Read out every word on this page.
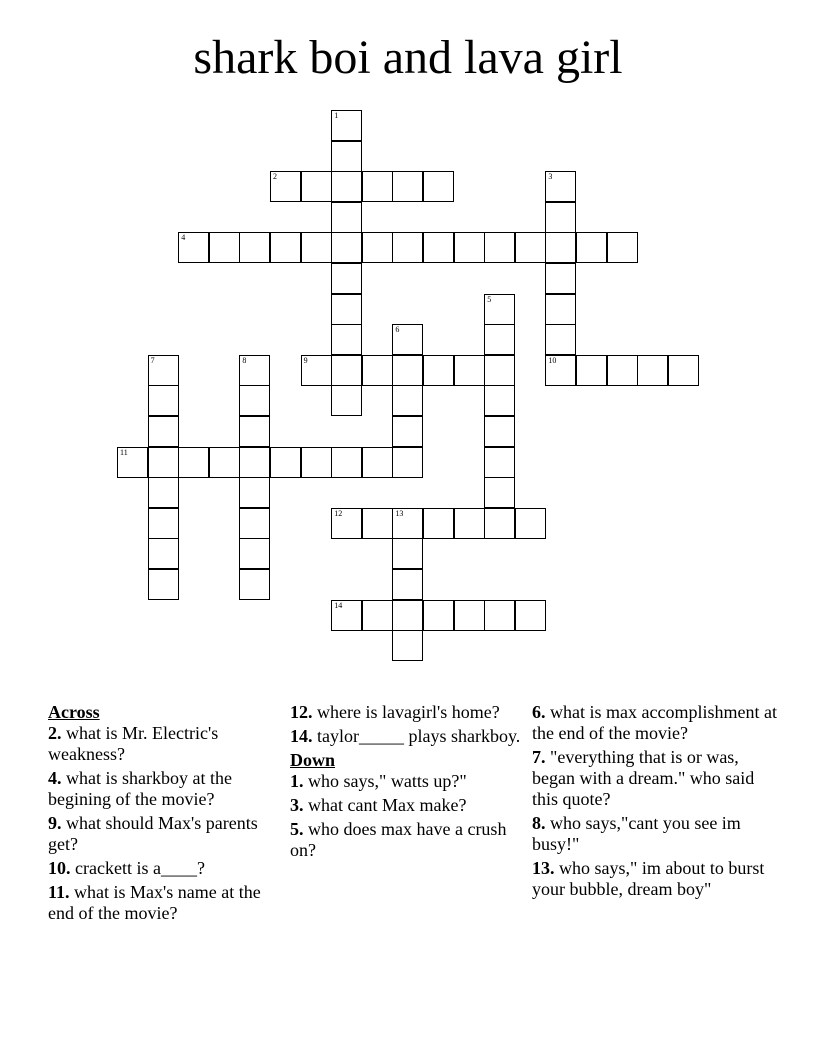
shark boi and lava girl
1
2	3
10
4
5
6
7	8	9
11
12	13
14
Across
2. what is Mr. Electric's weakness?
4. what is sharkboy at the begining of the movie?
9. what should Max's parents get?
10. crackett is a____?
11. what is Max's name at the end of the movie?
12. where is lavagirl's home?
14. taylor_____ plays sharkboy.
Down
1. who says," watts up?"
3. what cant Max make?
5. who does max have a crush on?
6. what is max accomplishment at the end of the movie?
7. "everything that is or was, began with a dream." who said this quote?
8. who says,"cant you see im busy!"
13. who says," im about to burst your bubble, dream boy"
